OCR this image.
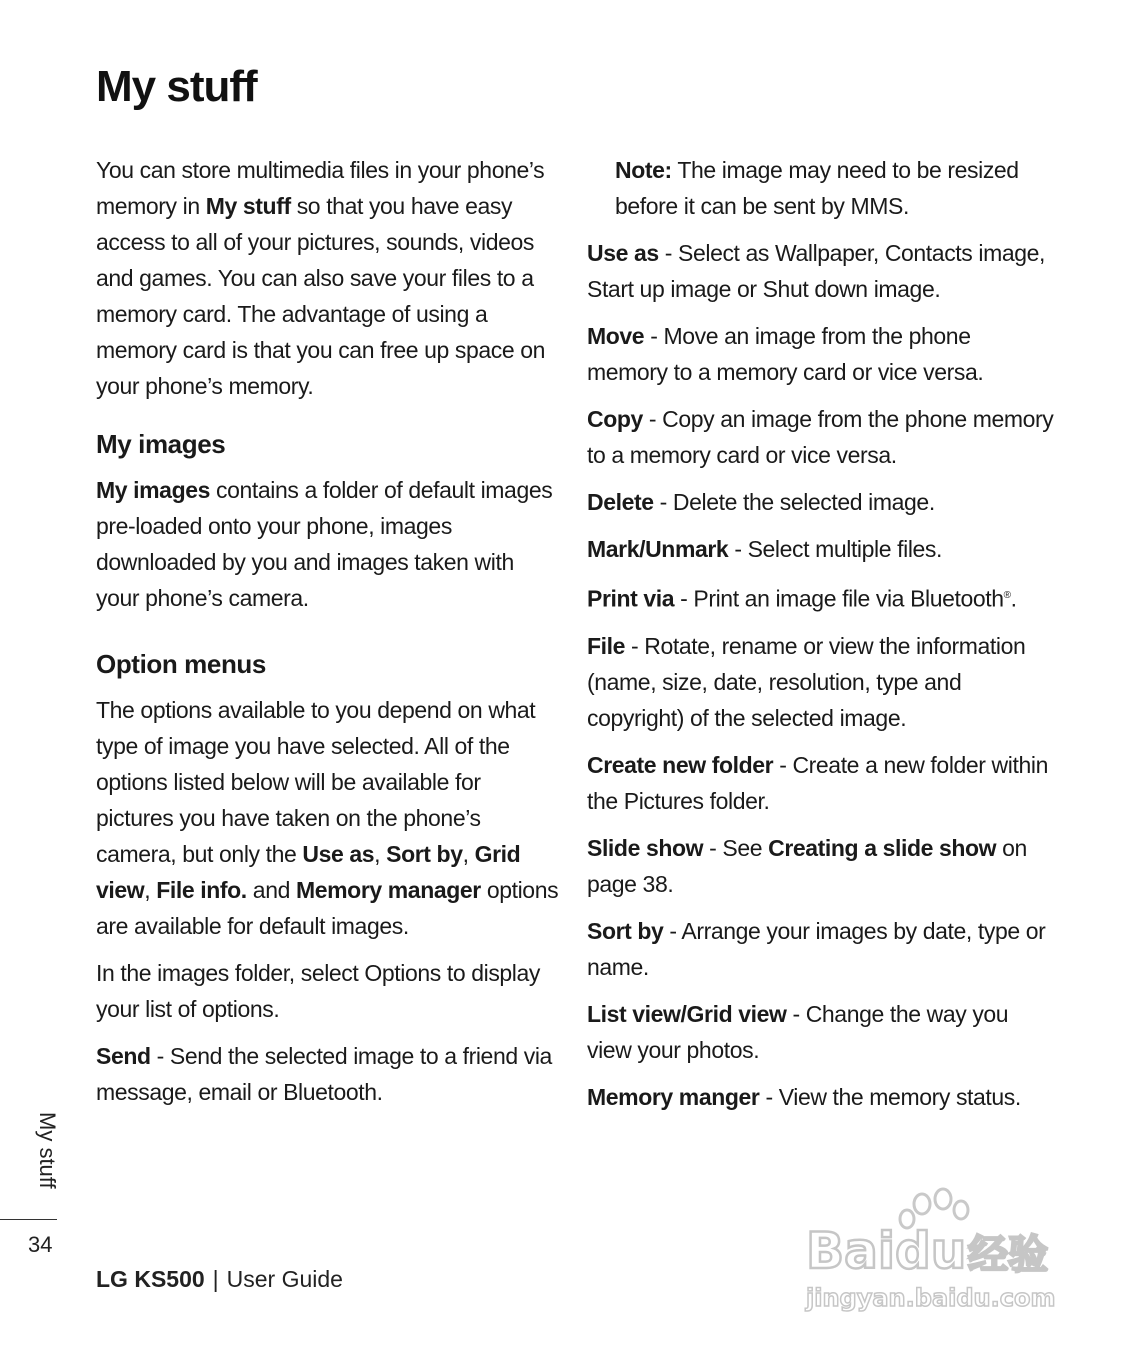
My stuff

You can store multimedia files in your phone’s memory in My stuff so that you have easy access to all of your pictures, sounds, videos and games. You can also save your files to a memory card. The advantage of using a memory card is that you can free up space on your phone’s memory.

My images

My images contains a folder of default images pre-loaded onto your phone, images downloaded by you and images taken with your phone’s camera.

Option menus

The options available to you depend on what type of image you have selected. All of the options listed below will be available for pictures you have taken on the phone’s camera, but only the Use as, Sort by, Grid view, File info. and Memory manager options are available for default images.

In the images folder, select Options to display your list of options.

Send - Send the selected image to a friend via message, email or Bluetooth.

Note: The image may need to be resized before it can be sent by MMS.

Use as - Select as Wallpaper, Contacts image, Start up image or Shut down image.

Move - Move an image from the phone memory to a memory card or vice versa.

Copy - Copy an image from the phone memory to a memory card or vice versa.

Delete - Delete the selected image.

Mark/Unmark - Select multiple files.

Print via - Print an image file via Bluetooth®.

File - Rotate, rename or view the information (name, size, date, resolution, type and copyright) of the selected image.

Create new folder - Create a new folder within the Pictures folder.

Slide show - See Creating a slide show on page 38.

Sort by - Arrange your images by date, type or name.

List view/Grid view - Change the way you view your photos.

Memory manger - View the memory status.

My stuff
34
LG KS500 | User Guide	Baidu 经验
jingyan.baidu.com
